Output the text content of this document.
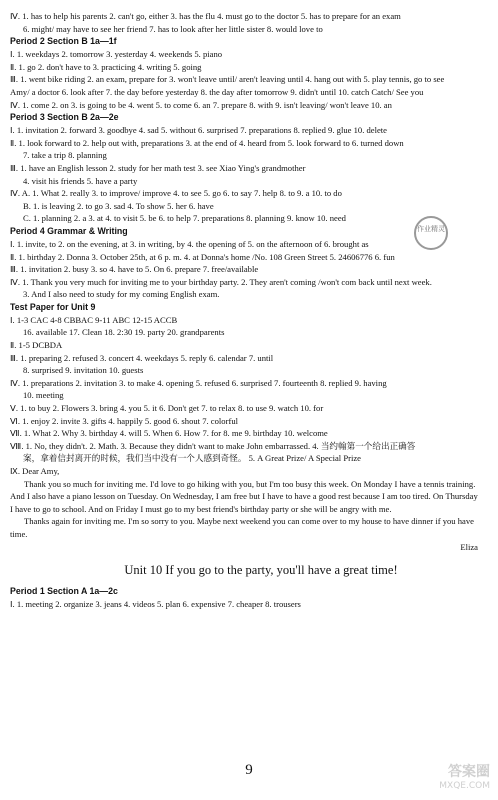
Ⅳ. 1. has to help his parents 2. can't go, either 3. has the flu 4. must go to the doctor 5. has to prepare for an exam
6. might/ may have to see her friend 7. has to look after her little sister 8. would love to
Period 2 Section B 1a—1f
Ⅰ. 1. weekdays 2. tomorrow 3. yesterday 4. weekends 5. piano
Ⅱ. 1. go 2. don't have to 3. practicing 4. writing 5. going
Ⅲ. 1. went bike riding 2. an exam, prepare for 3. won't leave until/ aren't leaving until 4. hang out with 5. play tennis, go to see
Amy/ a doctor 6. look after 7. the day before yesterday 8. the day after tomorrow 9. didn't until 10. catch Catch/ See you
Ⅳ. 1. come 2. on 3. is going to be 4. went 5. to come 6. an 7. prepare 8. with 9. isn't leaving/ won't leave 10. an
Period 3 Section B 2a—2e
Ⅰ. 1. invitation 2. forward 3. goodbye 4. sad 5. without 6. surprised 7. preparations 8. replied 9. glue 10. delete
Ⅱ. 1. look forward to 2. help out with, preparations 3. at the end of 4. heard from 5. look forward to 6. turned down
7. take a trip 8. planning
Ⅲ. 1. have an English lesson 2. study for her math test 3. see Xiao Ying's grandmother
4. visit his friends 5. have a party
Ⅳ. A. 1. What 2. really 3. to improve/ improve 4. to see 5. go 6. to say 7. help 8. to 9. a 10. to do
B. 1. is leaving 2. to go 3. sad 4. To show 5. her 6. have
C. 1. planning 2. a 3. at 4. to visit 5. be 6. to help 7. preparations 8. planning 9. know 10. need
Period 4 Grammar & Writing
Ⅰ. 1. invite, to 2. on the evening, at 3. in writing, by 4. the opening of 5. on the afternoon of 6. brought as
Ⅱ. 1. birthday 2. Donna 3. October 25th, at 6 p. m. 4. at Donna's home /No. 108 Green Street 5. 24606776 6. fun
Ⅲ. 1. invitation 2. busy 3. so 4. have to 5. On 6. prepare 7. free/available
Ⅳ. 1. Thank you very much for inviting me to your birthday party. 2. They aren't coming /won't com back until next week.
3. And I also need to study for my coming English exam.
Test Paper for Unit 9
Ⅰ. 1-3 CAC 4-8 CBBAC 9-11 ABC 12-15 ACCB
16. available 17. Clean 18. 2:30 19. party 20. grandparents
Ⅱ. 1-5 DCBDA
Ⅲ. 1. preparing 2. refused 3. concert 4. weekdays 5. reply 6. calendar 7. until
8. surprised 9. invitation 10. guests
Ⅳ. 1. preparations 2. invitation 3. to make 4. opening 5. refused 6. surprised 7. fourteenth 8. replied 9. having
10. meeting
Ⅴ. 1. to buy 2. Flowers 3. bring 4. you 5. it 6. Don't get 7. to relax 8. to use 9. watch 10. for
Ⅵ. 1. enjoy 2. invite 3. gifts 4. happily 5. good 6. shout 7. colorful
Ⅶ. 1. What 2. Why 3. birthday 4. will 5. When 6. How 7. for 8. me 9. birthday 10. welcome
Ⅷ. 1. No, they didn't. 2. Math. 3. Because they didn't want to make John embarrassed. 4. 当约翰第一个给出正确答
案，拿着信封离开的时候，我们当中没有一个人感到奇怪。 5. A Great Prize/ A Special Prize
Ⅸ. Dear Amy,

Thank you so much for inviting me. I'd love to go hiking with you, but I'm too busy this week. On Monday I have a tennis training. And I also have a piano lesson on Tuesday. On Wednesday, I am free but I have to have a good rest because I am too tired. On Thursday I have to go to school. And on Friday I must go to my best friend's birthday party or she will be angry with me.

Thanks again for inviting me. I'm so sorry to you. Maybe next weekend you can come over to my house to have dinner if you have time.

Eliza
Unit 10 If you go to the party, you'll have a great time!
Period 1 Section A 1a—2c
Ⅰ. 1. meeting 2. organize 3. jeans 4. videos 5. plan 6. expensive 7. cheaper 8. trousers
作业精灵
9	答案圈
MXQE.COM
